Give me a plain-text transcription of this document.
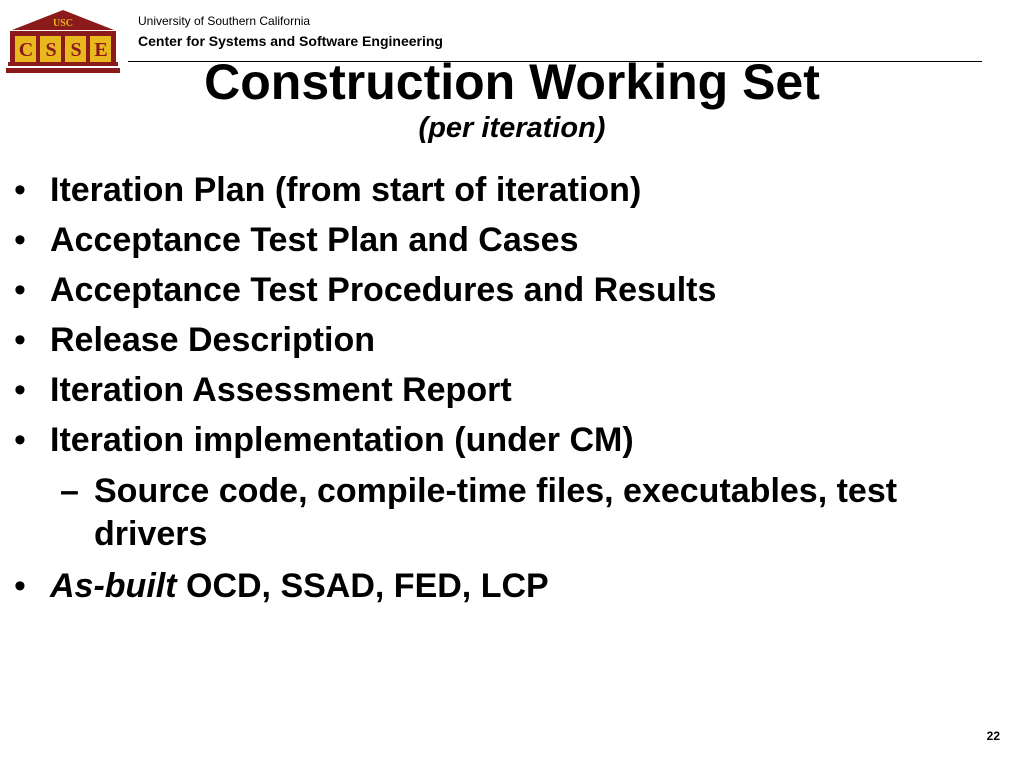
USC
C S S E
University of Southern California
Center for Systems and Software Engineering
Construction Working Set
(per iteration)
• Iteration Plan (from start of iteration)
• Acceptance Test Plan and Cases
• Acceptance Test Procedures and Results
• Release Description
• Iteration Assessment Report
• Iteration implementation (under CM)
– Source code, compile-time files, executables, test drivers
• As-built OCD, SSAD, FED, LCP
22
